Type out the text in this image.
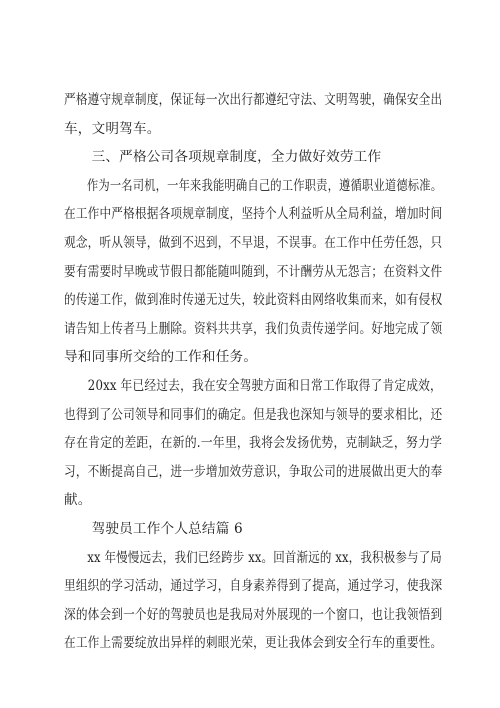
严格遵守规章制度，保证每一次出行都遵纪守法、文明驾驶，确保安全出
车，文明驾车。
　　三、严格公司各项规章制度，全力做好效劳工作
　　作为一名司机，一年来我能明确自己的工作职责，遵循职业道德标准。
在工作中严格根据各项规章制度，坚持个人利益听从全局利益，增加时间
观念，听从领导，做到不迟到，不早退，不误事。在工作中任劳任怨，只
要有需要时早晚或节假日都能随叫随到，不计酬劳从无怨言；在资料文件
的传递工作，做到准时传递无过失，较此资料由网络收集而来，如有侵权
请告知上传者马上删除。资料共共享，我们负责传递学问。好地完成了领
导和同事所交给的工作和任务。
　　20xx 年已经过去，我在安全驾驶方面和日常工作取得了肯定成效，
也得到了公司领导和同事们的确定。但是我也深知与领导的要求相比，还
存在肯定的差距，在新的.一年里，我将会发扬优势，克制缺乏，努力学
习，不断提高自己，进一步增加效劳意识，争取公司的进展做出更大的奉
献。
　　驾驶员工作个人总结篇 6
　　xx 年慢慢远去，我们已经跨步 xx。回首渐远的 xx，我积极参与了局
里组织的学习活动，通过学习，自身素养得到了提高，通过学习，使我深
深的体会到一个好的驾驶员也是我局对外展现的一个窗口，也让我领悟到
在工作上需要绽放出异样的刺眼光荣，更让我体会到安全行车的重要性。
